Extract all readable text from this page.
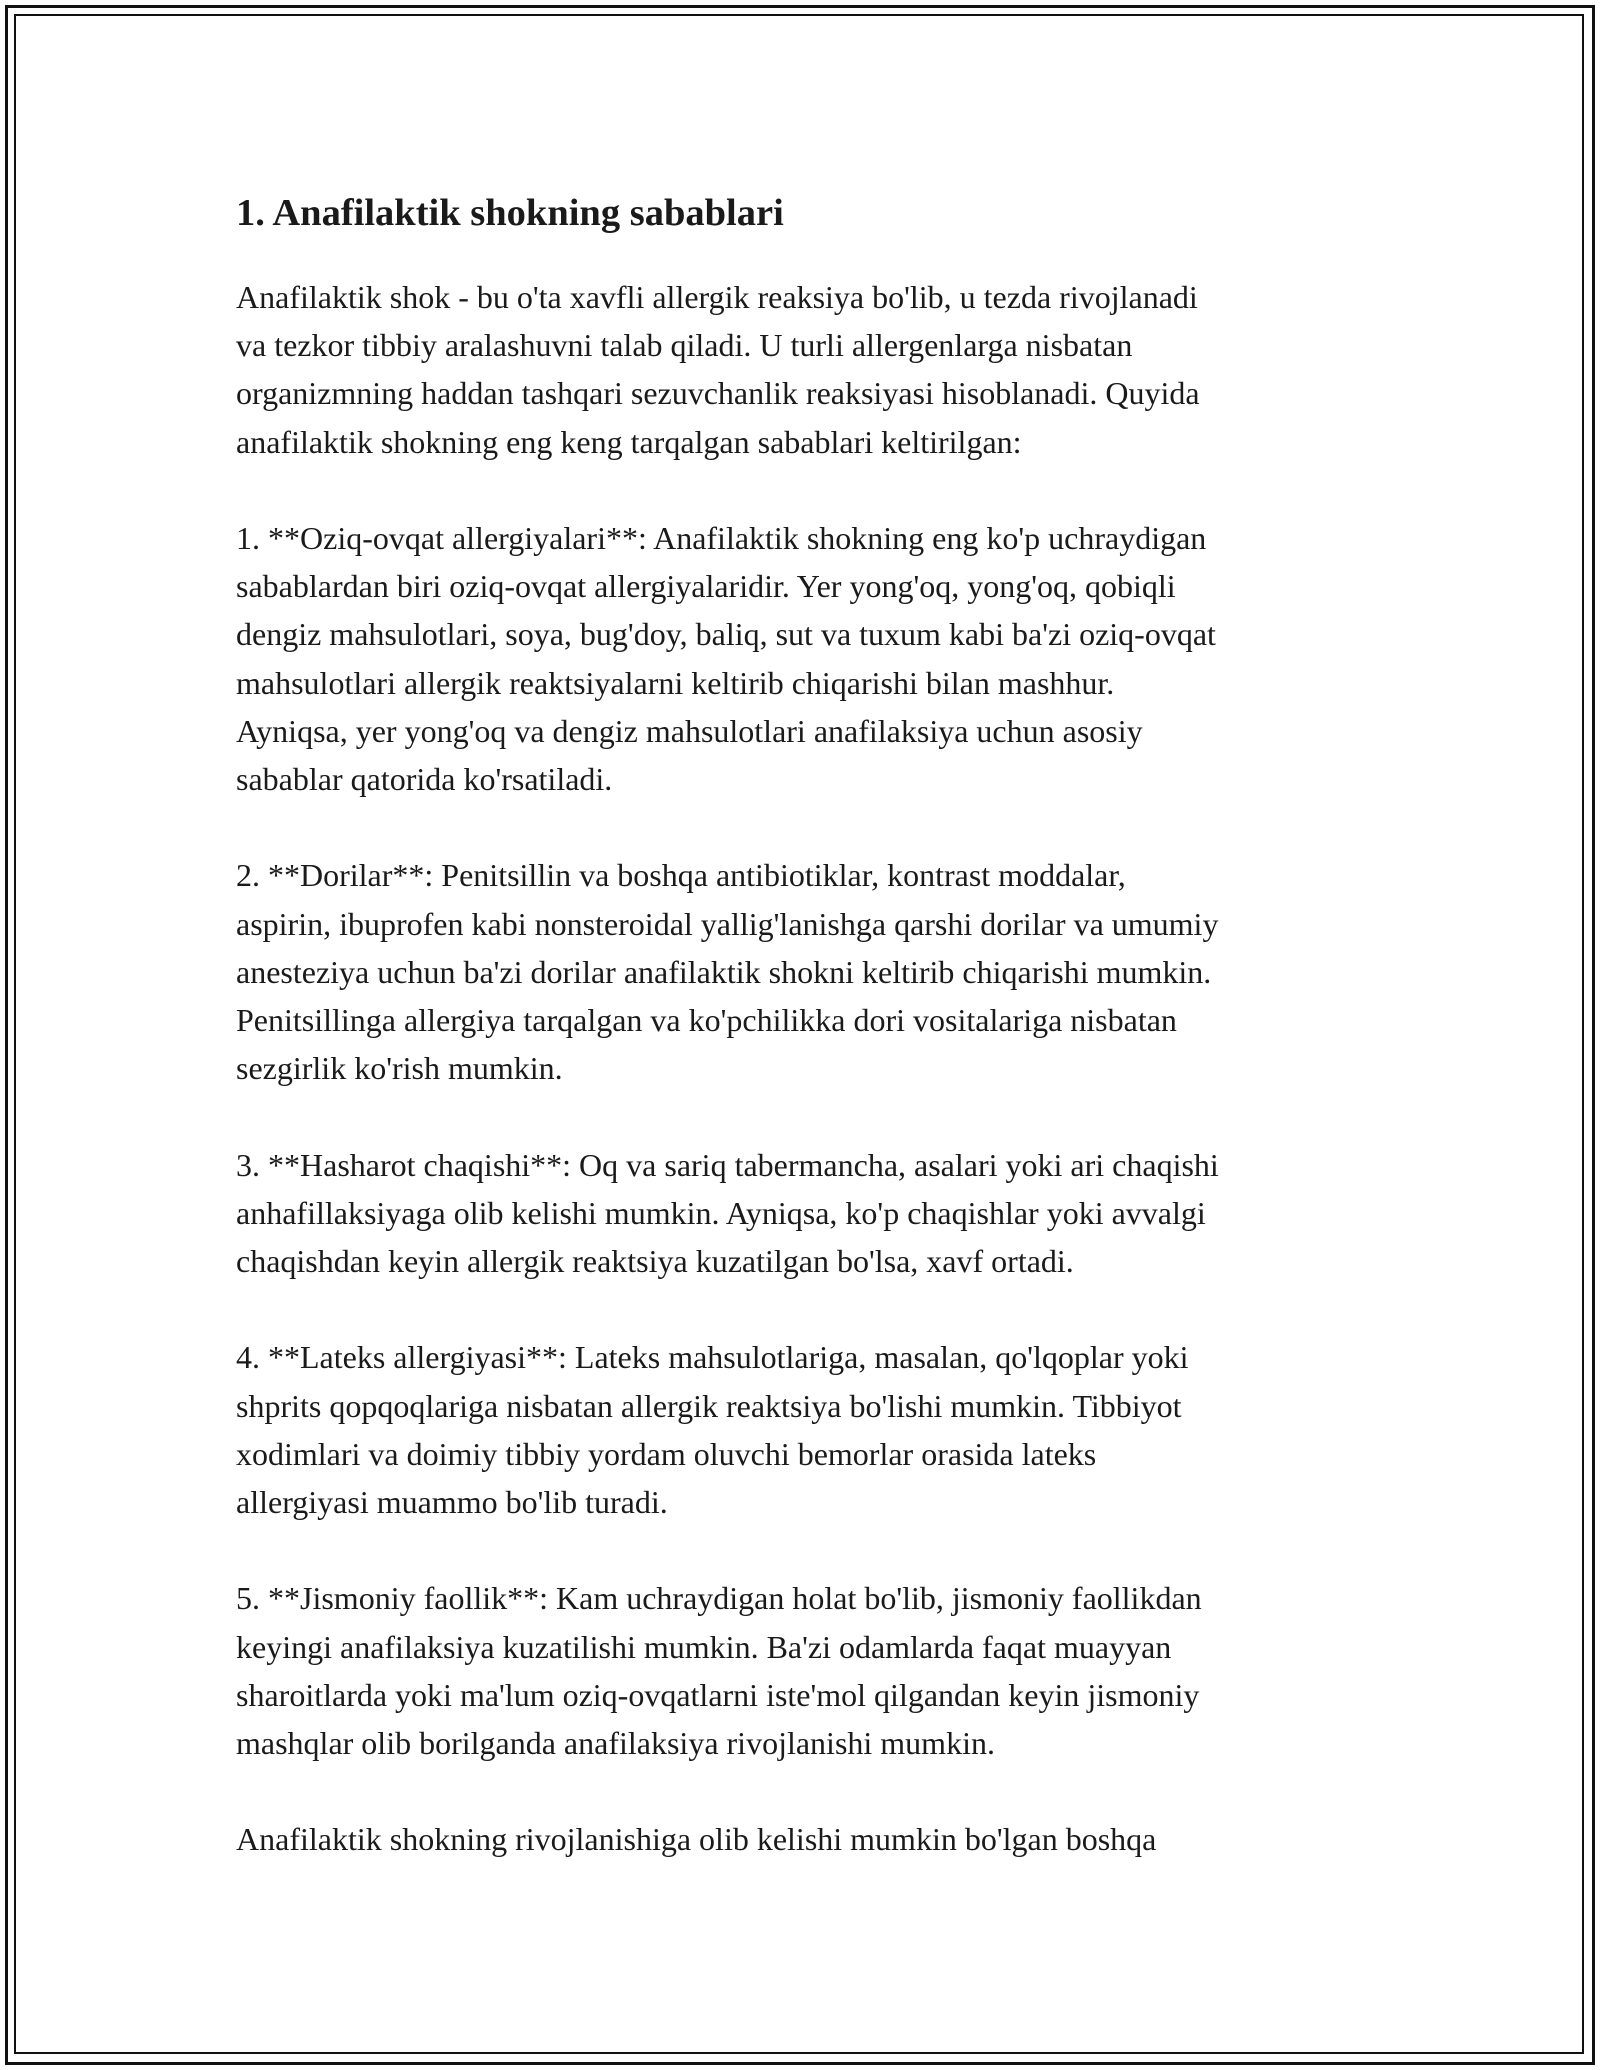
1. Anafilaktik shokning sabablari
Anafilaktik shok - bu o'ta xavfli allergik reaksiya bo'lib, u tezda rivojlanadi
va tezkor tibbiy aralashuvni talab qiladi. U turli allergenlarga nisbatan
organizmning haddan tashqari sezuvchanlik reaksiyasi hisoblanadi. Quyida
anafilaktik shokning eng keng tarqalgan sabablari keltirilgan:
1. **Oziq-ovqat allergiyalari**: Anafilaktik shokning eng ko'p uchraydigan
sabablardan biri oziq-ovqat allergiyalaridir. Yer yong'oq, yong'oq, qobiqli
dengiz mahsulotlari, soya, bug'doy, baliq, sut va tuxum kabi ba'zi oziq-ovqat
mahsulotlari allergik reaktsiyalarni keltirib chiqarishi bilan mashhur.
Ayniqsa, yer yong'oq va dengiz mahsulotlari anafilaksiya uchun asosiy
sabablar qatorida ko'rsatiladi.
2. **Dorilar**: Penitsillin va boshqa antibiotiklar, kontrast moddalar,
aspirin, ibuprofen kabi nonsteroidal yallig'lanishga qarshi dorilar va umumiy
anesteziya uchun ba'zi dorilar anafilaktik shokni keltirib chiqarishi mumkin.
Penitsillinga allergiya tarqalgan va ko'pchilikka dori vositalariga nisbatan
sezgirlik ko'rish mumkin.
3. **Hasharot chaqishi**: Oq va sariq tabermancha, asalari yoki ari chaqishi
anhafillaksiyaga olib kelishi mumkin. Ayniqsa, ko'p chaqishlar yoki avvalgi
chaqishdan keyin allergik reaktsiya kuzatilgan bo'lsa, xavf ortadi.
4. **Lateks allergiyasi**: Lateks mahsulotlariga, masalan, qo'lqoplar yoki
shprits qopqoqlariga nisbatan allergik reaktsiya bo'lishi mumkin. Tibbiyot
xodimlari va doimiy tibbiy yordam oluvchi bemorlar orasida lateks
allergiyasi muammo bo'lib turadi.
5. **Jismoniy faollik**: Kam uchraydigan holat bo'lib, jismoniy faollikdan
keyingi anafilaksiya kuzatilishi mumkin. Ba'zi odamlarda faqat muayyan
sharoitlarda yoki ma'lum oziq-ovqatlarni iste'mol qilgandan keyin jismoniy
mashqlar olib borilganda anafilaksiya rivojlanishi mumkin.
Anafilaktik shokning rivojlanishiga olib kelishi mumkin bo'lgan boshqa
